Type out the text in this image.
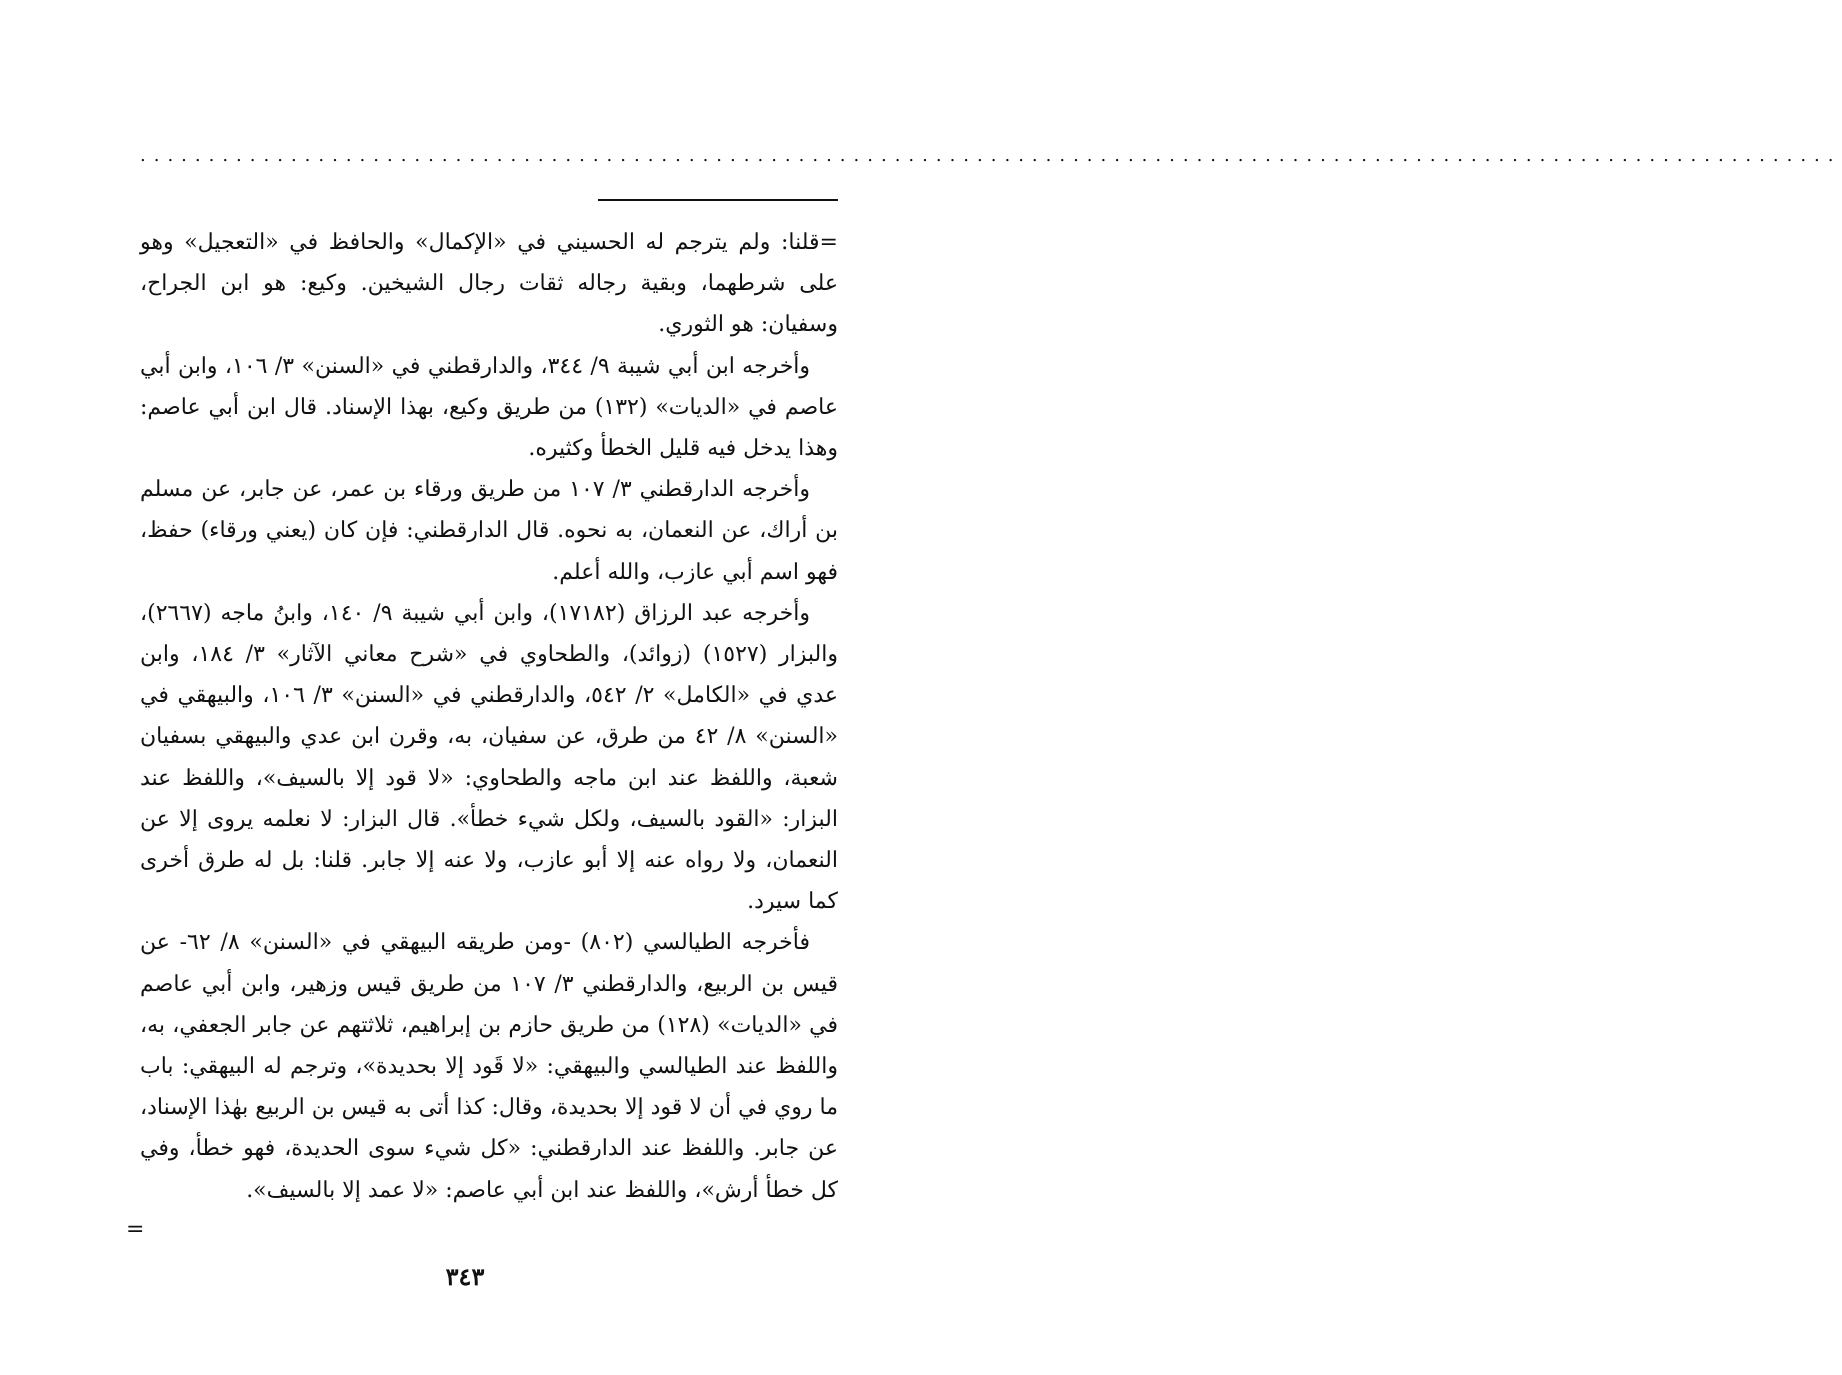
............................................................................................................................

=قلنا: ولم يترجم له الحسيني في «الإكمال» والحافظ في «التعجيل» وهو على شرطهما، وبقية رجاله ثقات رجال الشيخين. وكيع: هو ابن الجراح، وسفيان: هو الثوري.

وأخرجه ابن أبي شيبة ٩/ ٣٤٤، والدارقطني في «السنن» ٣/ ١٠٦، وابن أبي عاصم في «الديات» (١٣٢) من طريق وكيع، بهذا الإسناد. قال ابن أبي عاصم: وهذا يدخل فيه قليل الخطأ وكثيره.

وأخرجه الدارقطني ٣/ ١٠٧ من طريق ورقاء بن عمر، عن جابر، عن مسلم بن أراك، عن النعمان، به نحوه. قال الدارقطني: فإن كان (يعني ورقاء) حفظ، فهو اسم أبي عازب، والله أعلم.

وأخرجه عبد الرزاق (١٧١٨٢)، وابن أبي شيبة ٩/ ١٤٠، وابنُ ماجه (٢٦٦٧)، والبزار (١٥٢٧) (زوائد)، والطحاوي في «شرح معاني الآثار» ٣/ ١٨٤، وابن عدي في «الكامل» ٢/ ٥٤٢، والدارقطني في «السنن» ٣/ ١٠٦، والبيهقي في «السنن» ٨/ ٤٢ من طرق، عن سفيان، به، وقرن ابن عدي والبيهقي بسفيان شعبة، واللفظ عند ابن ماجه والطحاوي: «لا قود إلا بالسيف»، واللفظ عند البزار: «القود بالسيف، ولكل شيء خطأ». قال البزار: لا نعلمه يروى إلا عن النعمان، ولا رواه عنه إلا أبو عازب، ولا عنه إلا جابر. قلنا: بل له طرق أخرى كما سيرد.

فأخرجه الطيالسي (٨٠٢) -ومن طريقه البيهقي في «السنن» ٨/ ٦٢- عن قيس بن الربيع، والدارقطني ٣/ ١٠٧ من طريق قيس وزهير، وابن أبي عاصم في «الديات» (١٢٨) من طريق حازم بن إبراهيم، ثلاثتهم عن جابر الجعفي، به، واللفظ عند الطيالسي والبيهقي: «لا قَود إلا بحديدة»، وترجم له البيهقي: باب ما روي في أن لا قود إلا بحديدة، وقال: كذا أتى به قيس بن الربيع بهٰذا الإسناد، عن جابر. واللفظ عند الدارقطني: «كل شيء سوى الحديدة، فهو خطأ، وفي كل خطأ أرش»، واللفظ عند ابن أبي عاصم: «لا عمد إلا بالسيف».

=
٣٤٣
